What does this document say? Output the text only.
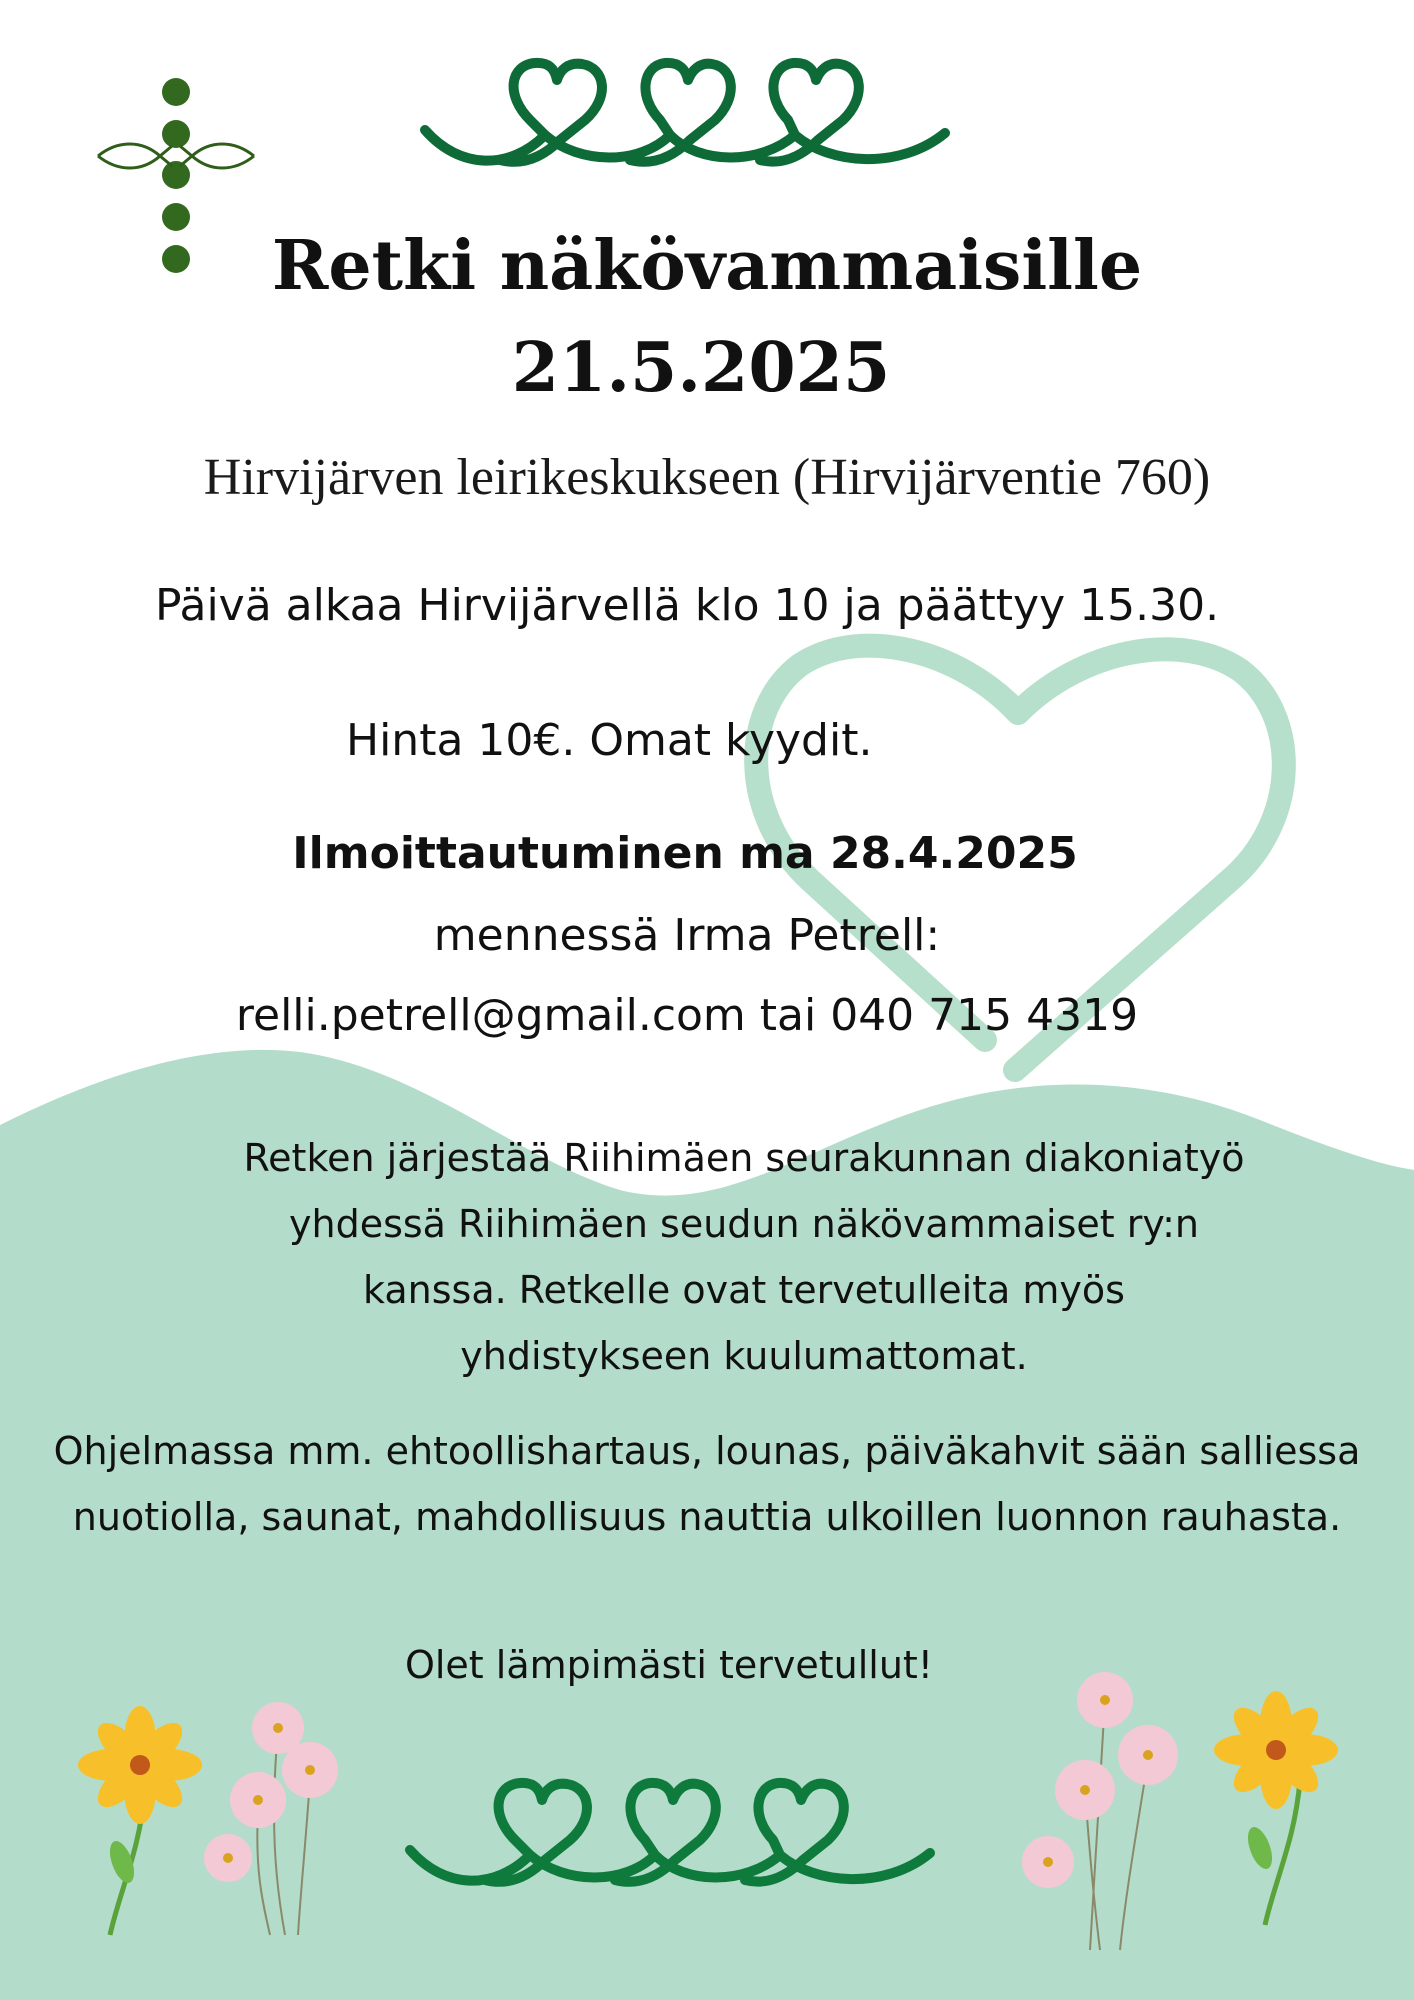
Retki näkövammaisille
21.5.2025

Hirvijärven leirikeskukseen (Hirvijärventie 760)

Päivä alkaa Hirvijärvellä klo 10 ja päättyy 15.30.

Hinta 10€. Omat kyydit.

Ilmoittautuminen ma 28.4.2025

mennessä Irma Petrell:

relli.petrell@gmail.com tai 040 715 4319

Retken järjestää Riihimäen seurakunnan diakoniatyö yhdessä Riihimäen seudun näkövammaiset ry:n kanssa. Retkelle ovat tervetulleita myös yhdistykseen kuulumattomat.

Ohjelmassa mm. ehtoollishartaus, lounas, päiväkahvit sään salliessa nuotiolla, saunat, mahdollisuus nauttia ulkoillen luonnon rauhasta.

Olet lämpimästi tervetullut!
